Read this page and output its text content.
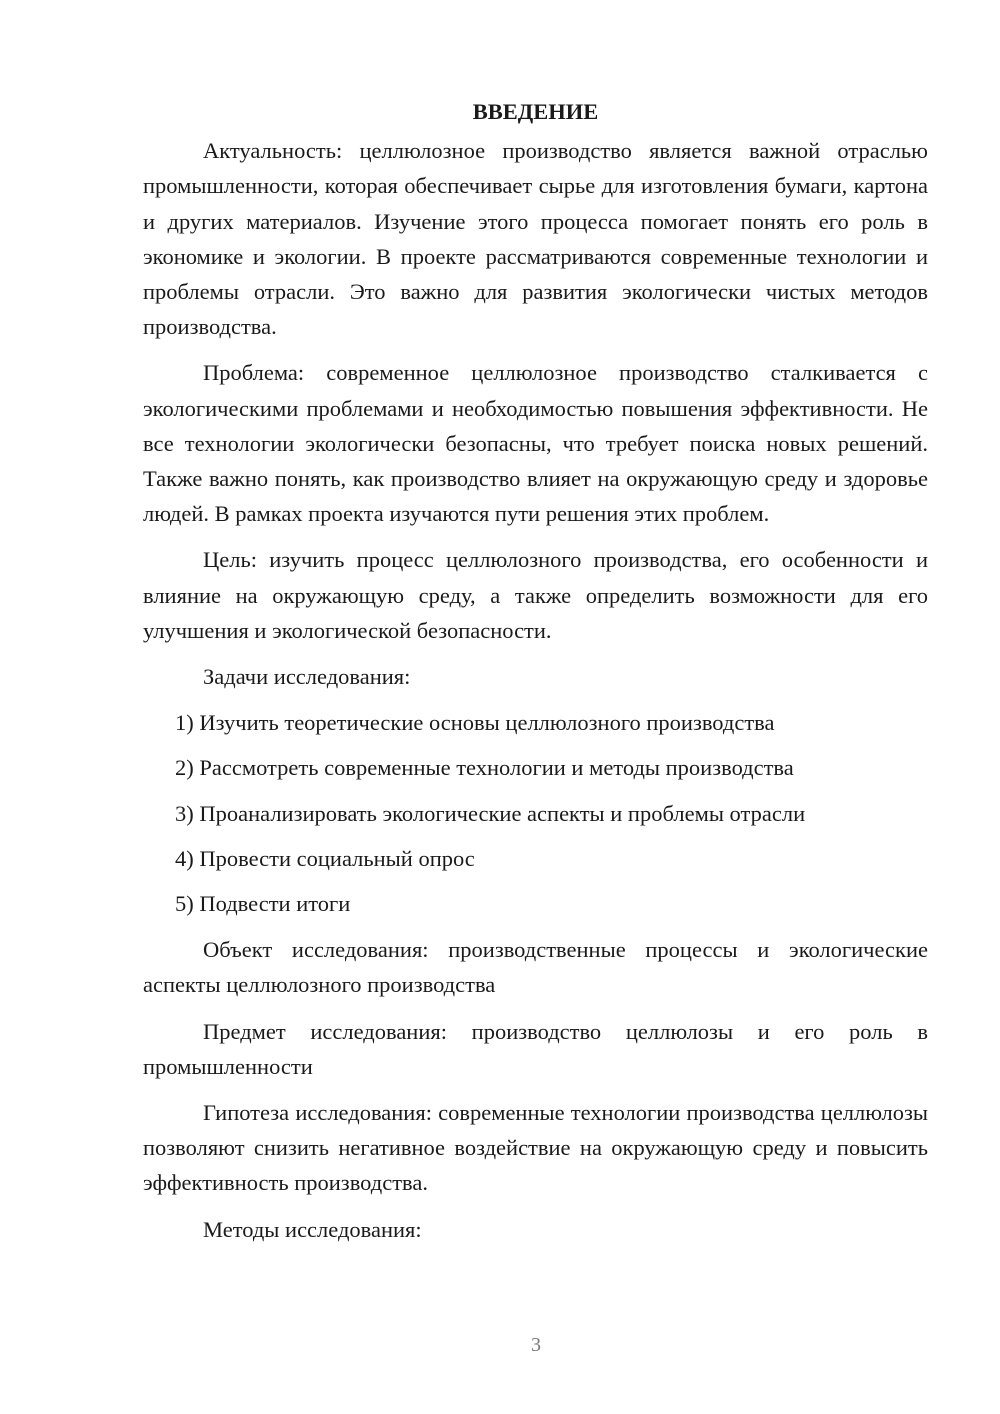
ВВЕДЕНИЕ

Актуальность: целлюлозное производство является важной отраслью промышленности, которая обеспечивает сырье для изготовления бумаги, картона и других материалов. Изучение этого процесса помогает понять его роль в экономике и экологии. В проекте рассматриваются современные технологии и проблемы отрасли. Это важно для развития экологически чистых методов производства.

Проблема: современное целлюлозное производство сталкивается с экологическими проблемами и необходимостью повышения эффективности. Не все технологии экологически безопасны, что требует поиска новых решений. Также важно понять, как производство влияет на окружающую среду и здоровье людей. В рамках проекта изучаются пути решения этих проблем.

Цель: изучить процесс целлюлозного производства, его особенности и влияние на окружающую среду, а также определить возможности для его улучшения и экологической безопасности.

Задачи исследования:

1) Изучить теоретические основы целлюлозного производства
2) Рассмотреть современные технологии и методы производства
3) Проанализировать экологические аспекты и проблемы отрасли
4) Провести социальный опрос
5) Подвести итоги

Объект исследования: производственные процессы и экологические аспекты целлюлозного производства

Предмет исследования: производство целлюлозы и его роль в промышленности

Гипотеза исследования: современные технологии производства целлюлозы позволяют снизить негативное воздействие на окружающую среду и повысить эффективность производства.

Методы исследования:

3
